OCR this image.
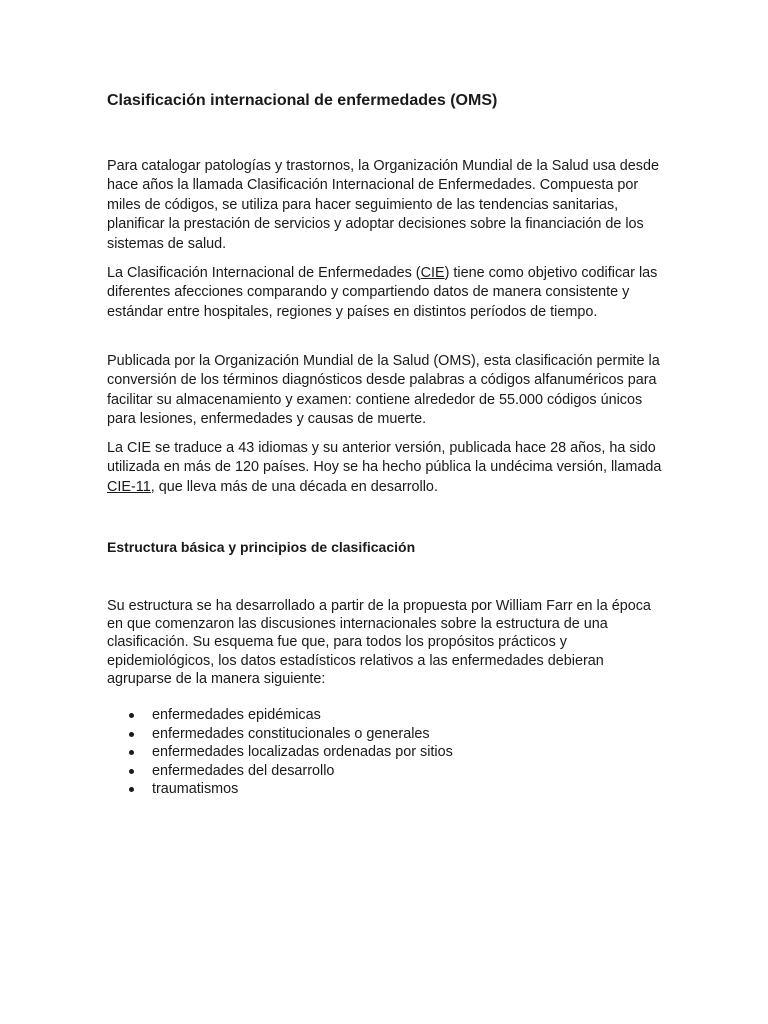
Clasificación internacional de enfermedades (OMS)

Para catalogar patologías y trastornos, la Organización Mundial de la Salud usa desde hace años la llamada Clasificación Internacional de Enfermedades. Compuesta por miles de códigos, se utiliza para hacer seguimiento de las tendencias sanitarias, planificar la prestación de servicios y adoptar decisiones sobre la financiación de los sistemas de salud.

La Clasificación Internacional de Enfermedades (CIE) tiene como objetivo codificar las diferentes afecciones comparando y compartiendo datos de manera consistente y estándar entre hospitales, regiones y países en distintos períodos de tiempo.

Publicada por la Organización Mundial de la Salud (OMS), esta clasificación permite la conversión de los términos diagnósticos desde palabras a códigos alfanuméricos para facilitar su almacenamiento y examen: contiene alrededor de 55.000 códigos únicos para lesiones, enfermedades y causas de muerte.

La CIE se traduce a 43 idiomas y su anterior versión, publicada hace 28 años, ha sido utilizada en más de 120 países. Hoy se ha hecho pública la undécima versión, llamada CIE-11, que lleva más de una década en desarrollo.

Estructura básica y principios de clasificación

Su estructura se ha desarrollado a partir de la propuesta por William Farr en la época en que comenzaron las discusiones internacionales sobre la estructura de una clasificación. Su esquema fue que, para todos los propósitos prácticos y epidemiológicos, los datos estadísticos relativos a las enfermedades debieran agruparse de la manera siguiente:

enfermedades epidémicas
enfermedades constitucionales o generales
enfermedades localizadas ordenadas por sitios
enfermedades del desarrollo
traumatismos
